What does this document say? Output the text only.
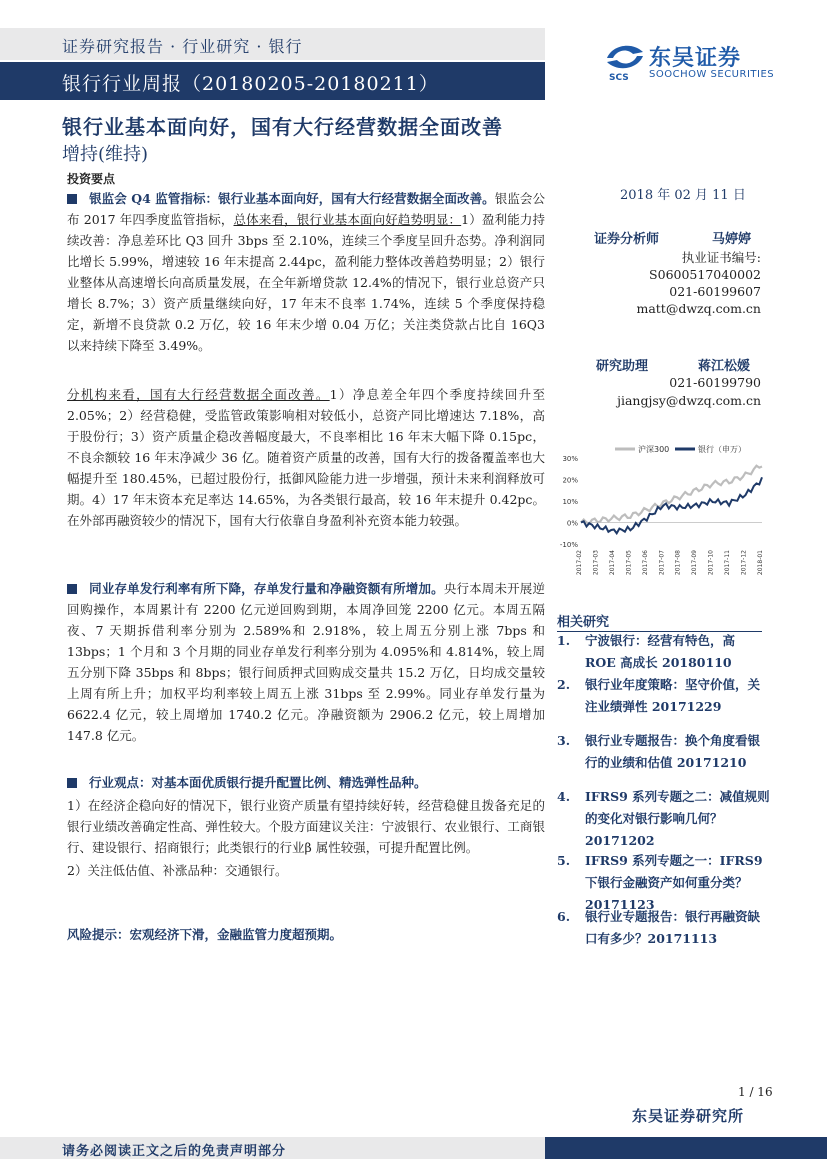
证券研究报告 · 行业研究 · 银行
银行行业周报（20180205-20180211）	SCS
东吴证券
SOOCHOW SECURITIES
银行业基本面向好，国有大行经营数据全面改善
增持(维持)
投资要点
银监会 Q4 监管指标：银行业基本面向好，国有大行经营数据全面改善。银监会公布 2017 年四季度监管指标，总体来看，银行业基本面向好趋势明显：1）盈利能力持续改善：净息差环比 Q3 回升 3bps 至 2.10%，连续三个季度呈回升态势。净利润同比增长 5.99%，增速较 16 年末提高 2.44pc，盈利能力整体改善趋势明显；2）银行业整体从高速增长向高质量发展，在全年新增贷款 12.4%的情况下，银行业总资产只增长 8.7%；3）资产质量继续向好，17 年末不良率 1.74%，连续 5 个季度保持稳定，新增不良贷款 0.2 万亿，较 16 年末少增 0.04 万亿；关注类贷款占比自 16Q3 以来持续下降至 3.49%。
分机构来看，国有大行经营数据全面改善。1）净息差全年四个季度持续回升至 2.05%；2）经营稳健，受监管政策影响相对较低小，总资产同比增速达 7.18%，高于股份行；3）资产质量企稳改善幅度最大，不良率相比 16 年末大幅下降 0.15pc，不良余额较 16 年末净减少 36 亿。随着资产质量的改善，国有大行的拨备覆盖率也大幅提升至 180.45%，已超过股份行，抵御风险能力进一步增强，预计未来利润释放可期。4）17 年末资本充足率达 14.65%，为各类银行最高，较 16 年末提升 0.42pc。在外部再融资较少的情况下，国有大行依靠自身盈利补充资本能力较强。
同业存单发行利率有所下降，存单发行量和净融资额有所增加。央行本周未开展逆回购操作，本周累计有 2200 亿元逆回购到期，本周净回笼 2200 亿元。本周五隔夜、7 天期拆借利率分别为 2.589%和 2.918%，较上周五分别上涨 7bps 和 13bps；1 个月和 3 个月期的同业存单发行利率分别为 4.095%和 4.814%，较上周五分别下降 35bps 和 8bps；银行间质押式回购成交量共 15.2 万亿，日均成交量较上周有所上升；加权平均利率较上周五上涨 31bps 至 2.99%。同业存单发行量为 6622.4 亿元，较上周增加 1740.2 亿元。净融资额为 2906.2 亿元，较上周增加 147.8 亿元。
行业观点：对基本面优质银行提升配置比例、精选弹性品种。
1）在经济企稳向好的情况下，银行业资产质量有望持续好转，经营稳健且拨备充足的银行业绩改善确定性高、弹性较大。个股方面建议关注：宁波银行、农业银行、工商银行、建设银行、招商银行；此类银行的行业β 属性较强，可提升配置比例。
2）关注低估值、补涨品种：交通银行。
风险提示：宏观经济下滑，金融监管力度超预期。
2018 年 02 月 11 日
证券分析师	马婷婷
执业证书编号:
S0600517040002
021-60199607
matt@dwzq.com.cn
研究助理	蒋江松媛
021-60199790
jiangjsy@dwzq.com.cn
沪深300	银行（申万）
30%
20%
10%
0%
-10%
2017-02 2017-03 2017-04 2017-05 2017-06 2017-07 2017-08 2017-09 2017-10 2017-11 2017-12 2018-01
相关研究
1. 宁波银行：经营有特色，高 ROE 高成长 20180110
2. 银行业年度策略：坚守价值，关注业绩弹性 20171229
3. 银行业专题报告：换个角度看银行的业绩和估值 20171210
4. IFRS9 系列专题之二：减值规则的变化对银行影响几何？20171202
5. IFRS9 系列专题之一：IFRS9 下银行金融资产如何重分类？20171123
6. 银行业专题报告：银行再融资缺口有多少？20171113
1 / 16
东吴证券研究所
请务必阅读正文之后的免责声明部分
